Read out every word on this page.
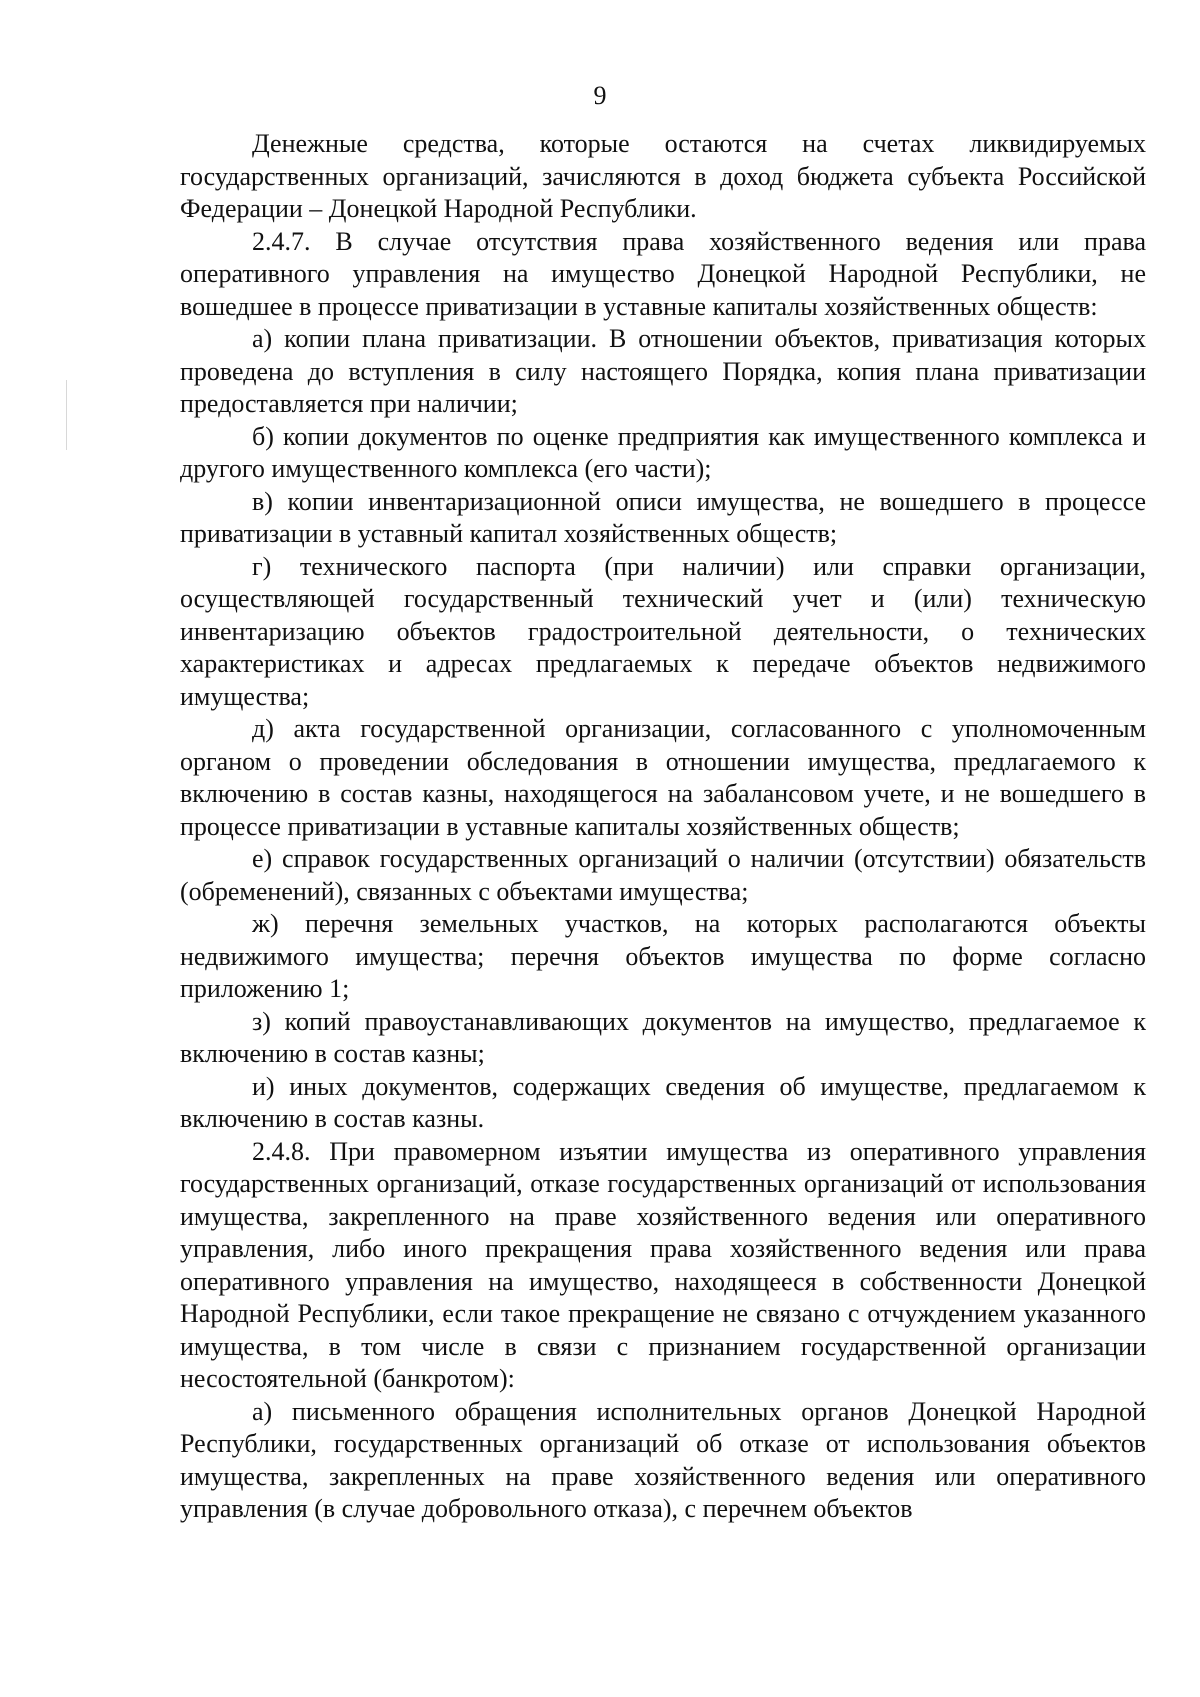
9

Денежные средства, которые остаются на счетах ликвидируемых государственных организаций, зачисляются в доход бюджета субъекта Российской Федерации – Донецкой Народной Республики.

2.4.7. В случае отсутствия права хозяйственного ведения или права оперативного управления на имущество Донецкой Народной Республики, не вошедшее в процессе приватизации в уставные капиталы хозяйственных обществ:

а) копии плана приватизации. В отношении объектов, приватизация которых проведена до вступления в силу настоящего Порядка, копия плана приватизации предоставляется при наличии;

б) копии документов по оценке предприятия как имущественного комплекса и другого имущественного комплекса (его части);

в) копии инвентаризационной описи имущества, не вошедшего в процессе приватизации в уставный капитал хозяйственных обществ;

г) технического паспорта (при наличии) или справки организации, осуществляющей государственный технический учет и (или) техническую инвентаризацию объектов градостроительной деятельности, о технических характеристиках и адресах предлагаемых к передаче объектов недвижимого имущества;

д) акта государственной организации, согласованного с уполномоченным органом о проведении обследования в отношении имущества, предлагаемого к включению в состав казны, находящегося на забалансовом учете, и не вошедшего в процессе приватизации в уставные капиталы хозяйственных обществ;

е) справок государственных организаций о наличии (отсутствии) обязательств (обременений), связанных с объектами имущества;

ж) перечня земельных участков, на которых располагаются объекты недвижимого имущества; перечня объектов имущества по форме согласно приложению 1;

з) копий правоустанавливающих документов на имущество, предлагаемое к включению в состав казны;

и) иных документов, содержащих сведения об имуществе, предлагаемом к включению в состав казны.

2.4.8. При правомерном изъятии имущества из оперативного управления государственных организаций, отказе государственных организаций от использования имущества, закрепленного на праве хозяйственного ведения или оперативного управления, либо иного прекращения права хозяйственного ведения или права оперативного управления на имущество, находящееся в собственности Донецкой Народной Республики, если такое прекращение не связано с отчуждением указанного имущества, в том числе в связи с признанием государственной организации несостоятельной (банкротом):

а) письменного обращения исполнительных органов Донецкой Народной Республики, государственных организаций об отказе от использования объектов имущества, закрепленных на праве хозяйственного ведения или оперативного управления (в случае добровольного отказа), с перечнем объектов
